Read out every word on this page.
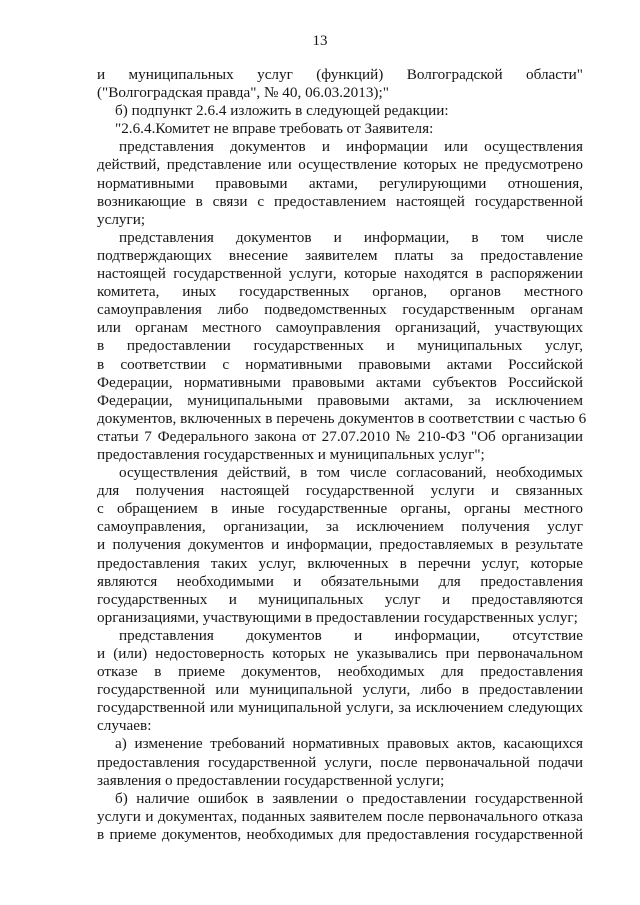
13
и муниципальных услуг (функций) Волгоградской области"
("Волгоградская правда", № 40, 06.03.2013);"
б) подпункт 2.6.4 изложить в следующей редакции:
"2.6.4.Комитет не вправе требовать от Заявителя:
представления документов и информации или осуществления
действий, представление или осуществление которых не предусмотрено
нормативными правовыми актами, регулирующими отношения,
возникающие в связи с предоставлением настоящей государственной
услуги;
представления документов и информации, в том числе
подтверждающих внесение заявителем платы за предоставление
настоящей государственной услуги, которые находятся в распоряжении
комитета, иных государственных органов, органов местного
самоуправления либо подведомственных государственным органам
или органам местного самоуправления организаций, участвующих
в предоставлении государственных и муниципальных услуг,
в соответствии с нормативными правовыми актами Российской
Федерации, нормативными правовыми актами субъектов Российской
Федерации, муниципальными правовыми актами, за исключением
документов, включенных в перечень документов в соответствии с частью 6
статьи 7 Федерального закона от 27.07.2010 № 210-ФЗ "Об организации
предоставления государственных и муниципальных услуг";
осуществления действий, в том числе согласований, необходимых
для получения настоящей государственной услуги и связанных
с обращением в иные государственные органы, органы местного
самоуправления, организации, за исключением получения услуг
и получения документов и информации, предоставляемых в результате
предоставления таких услуг, включенных в перечни услуг, которые
являются необходимыми и обязательными для предоставления
государственных и муниципальных услуг и предоставляются
организациями, участвующими в предоставлении государственных услуг;
представления документов и информации, отсутствие
и (или) недостоверность которых не указывались при первоначальном
отказе в приеме документов, необходимых для предоставления
государственной или муниципальной услуги, либо в предоставлении
государственной или муниципальной услуги, за исключением следующих
случаев:
а) изменение требований нормативных правовых актов, касающихся
предоставления государственной услуги, после первоначальной подачи
заявления о предоставлении государственной услуги;
б) наличие ошибок в заявлении о предоставлении государственной
услуги и документах, поданных заявителем после первоначального отказа
в приеме документов, необходимых для предоставления государственной
